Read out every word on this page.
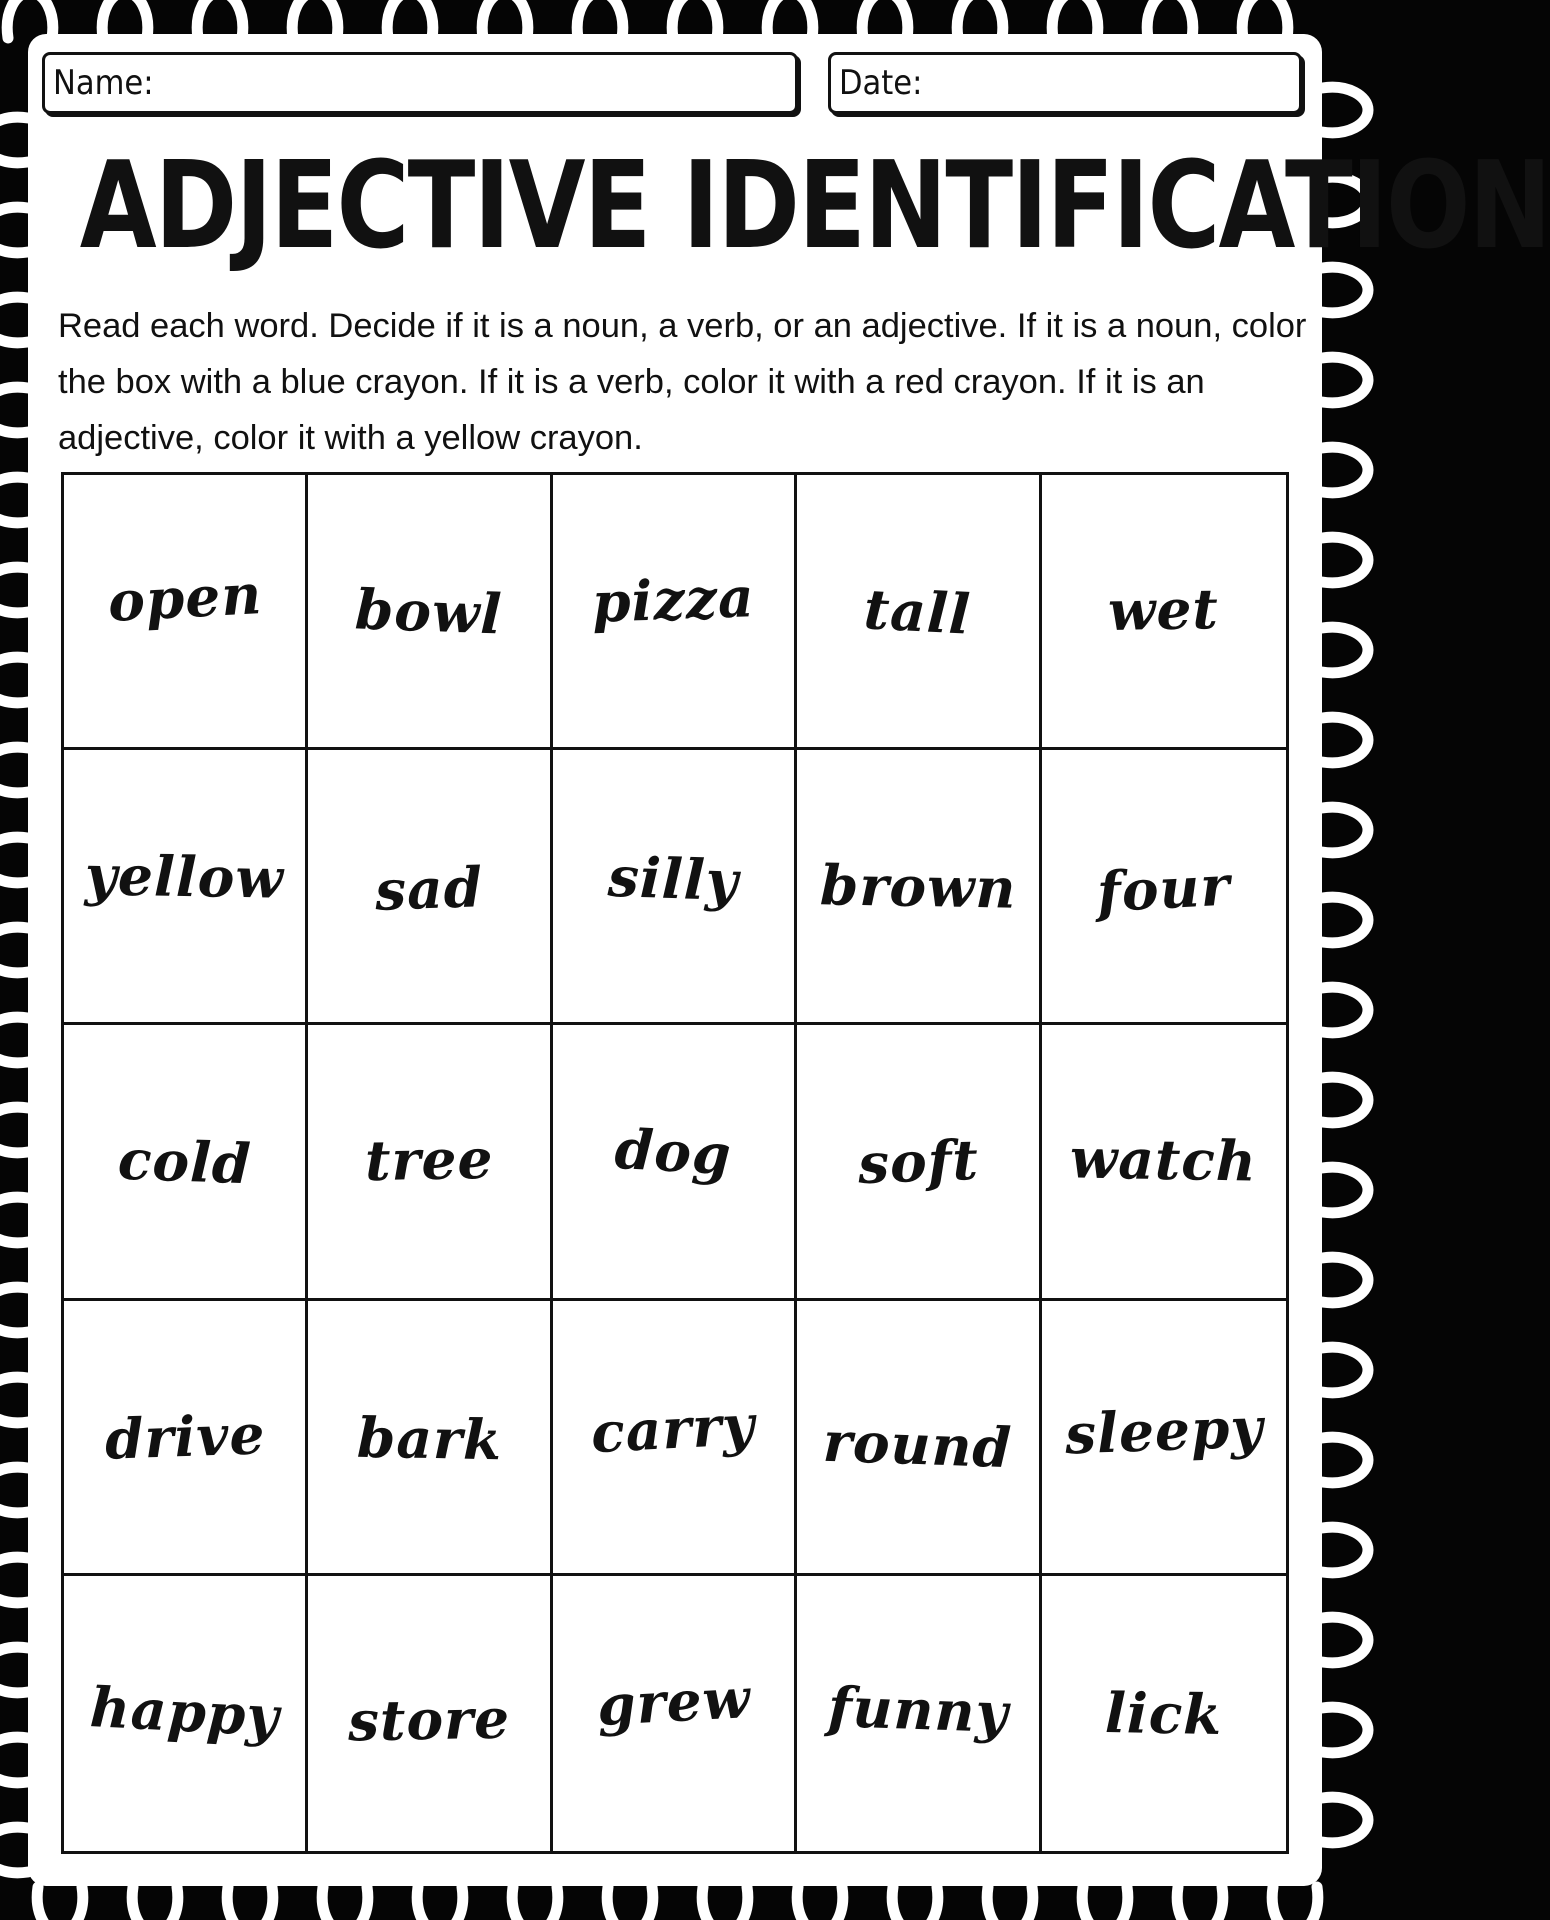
Name:	Date:
ADJECTIVE IDENTIFICATION
Read each word. Decide if it is a noun, a verb, or an adjective. If it is a noun, color the box with a blue crayon. If it is a verb, color it with a red crayon. If it is an adjective, color it with a yellow crayon.
open bowl pizza tall wet
yellow sad silly brown four
cold tree dog soft watch
drive bark carry round sleepy
happy store grew funny lick
